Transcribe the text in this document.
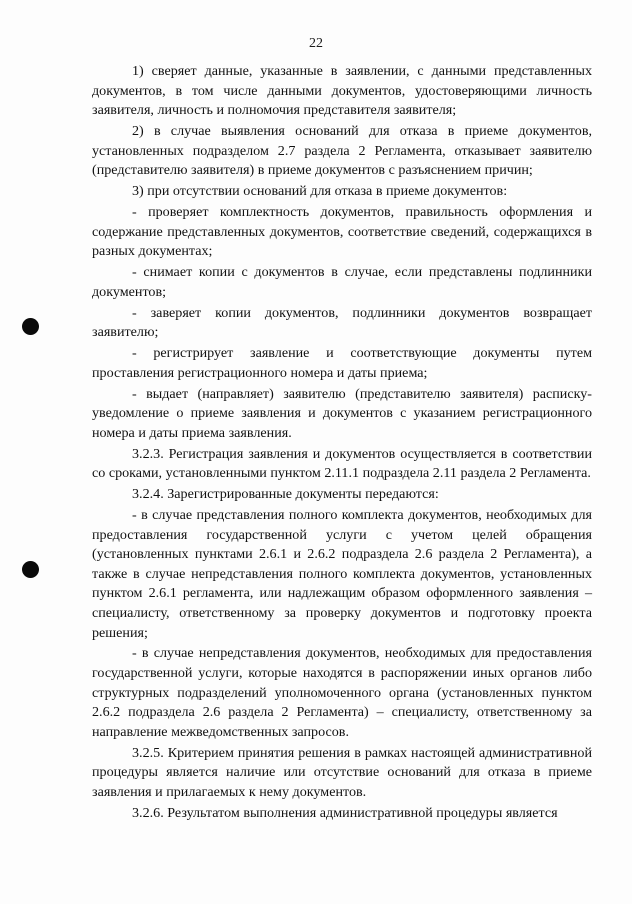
22

1) сверяет данные, указанные в заявлении, с данными представленных документов, в том числе данными документов, удостоверяющими личность заявителя, личность и полномочия представителя заявителя;

2) в случае выявления оснований для отказа в приеме документов, установленных подразделом 2.7 раздела 2 Регламента, отказывает заявителю (представителю заявителя) в приеме документов с разъяснением причин;

3) при отсутствии оснований для отказа в приеме документов:

- проверяет комплектность документов, правильность оформления и содержание представленных документов, соответствие сведений, содержащихся в разных документах;

- снимает копии с документов в случае, если представлены подлинники документов;

- заверяет копии документов, подлинники документов возвращает заявителю;

- регистрирует заявление и соответствующие документы путем проставления регистрационного номера и даты приема;

- выдает (направляет) заявителю (представителю заявителя) расписку-уведомление о приеме заявления и документов с указанием регистрационного номера и даты приема заявления.

3.2.3. Регистрация заявления и документов осуществляется в соответствии со сроками, установленными пунктом 2.11.1 подраздела 2.11 раздела 2 Регламента.

3.2.4. Зарегистрированные документы передаются:

- в случае представления полного комплекта документов, необходимых для предоставления государственной услуги с учетом целей обращения (установленных пунктами 2.6.1 и 2.6.2 подраздела 2.6 раздела 2 Регламента), а также в случае непредставления полного комплекта документов, установленных пунктом 2.6.1 регламента, или надлежащим образом оформленного заявления – специалисту, ответственному за проверку документов и подготовку проекта решения;

- в случае непредставления документов, необходимых для предоставления государственной услуги, которые находятся в распоряжении иных органов либо структурных подразделений уполномоченного органа (установленных пунктом 2.6.2 подраздела 2.6 раздела 2 Регламента) – специалисту, ответственному за направление межведомственных запросов.

3.2.5. Критерием принятия решения в рамках настоящей административной процедуры является наличие или отсутствие оснований для отказа в приеме заявления и прилагаемых к нему документов.

3.2.6. Результатом выполнения административной процедуры является
